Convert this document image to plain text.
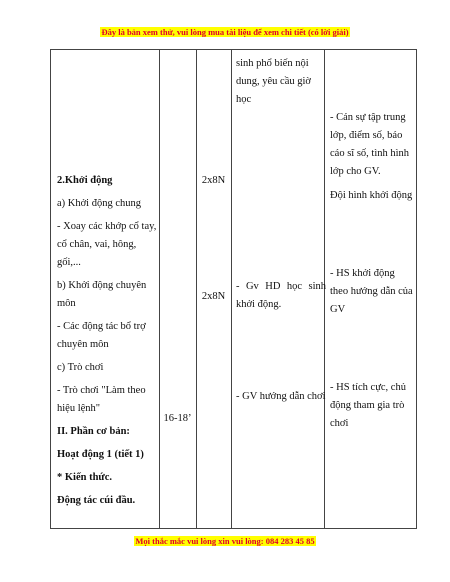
Đây là bản xem thử, vui lòng mua tài liệu để xem chi tiết (có lời giải)
2.Khởi động
a) Khởi động chung
- Xoay các khớp cổ tay, cổ chân, vai, hông, gối,...
b) Khởi động chuyên môn
- Các động tác bổ trợ chuyên môn
c) Trò chơi
- Trò chơi "Làm theo hiệu lệnh"
II. Phần cơ bản:
Hoạt động 1 (tiết 1)
* Kiến thức.
Động tác cúi đầu.
16-18’
2x8N
2x8N
sinh phổ biến nội dung, yêu cầu giờ học
- Gv HD học sinh khởi động.
- GV hướng dẫn chơi
- Cán sự tập trung lớp, điểm số, báo cáo sĩ số, tình hình lớp cho GV.
Đội hình khởi động
- HS khởi động theo hướng dẫn của GV
- HS tích cực, chủ động tham gia trò chơi
Mọi thắc mắc vui lòng xin vui lòng: 084 283 45 85
